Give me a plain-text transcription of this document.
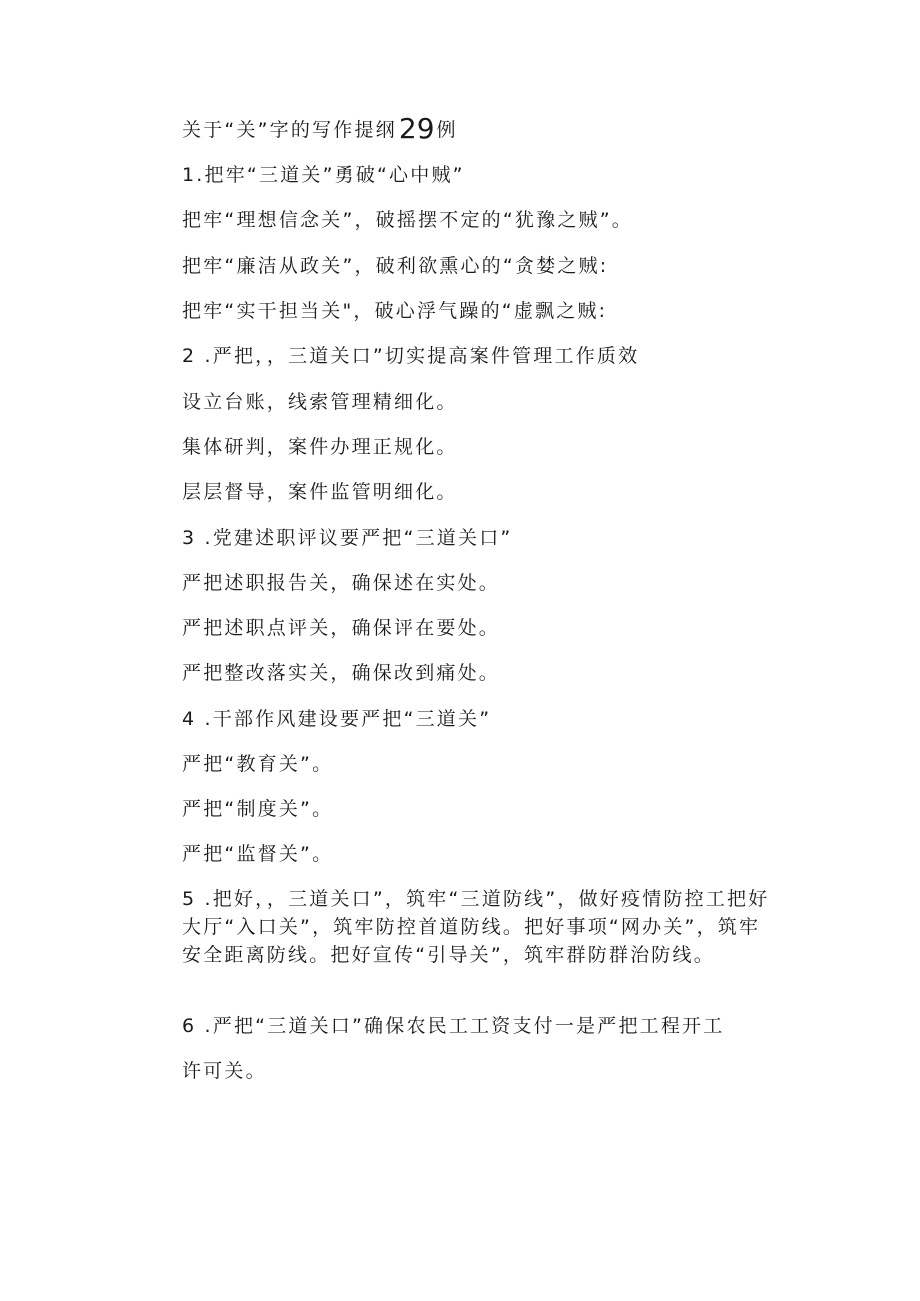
关于“关”字的写作提纲29 例
1.把牢“三道关”勇破“心中贼”
把牢“理想信念关”，破摇摆不定的“犹豫之贼”。
把牢“廉洁从政关”，破利欲熏心的“贪婪之贼:
把牢“实干担当关"，破心浮气躁的“虚飘之贼:
2 .严把，，三道关口”切实提高案件管理工作质效
设立台账，线索管理精细化。
集体研判，案件办理正规化。
层层督导，案件监管明细化。
3 .党建述职评议要严把“三道关口”
严把述职报告关，确保述在实处。
严把述职点评关，确保评在要处。
严把整改落实关，确保改到痛处。
4 .干部作风建设要严把“三道关”
严把“教育关”。
严把“制度关”。
严把“监督关”。
5 .把好，，三道关口”，筑牢“三道防线”，做好疫情防控工把好大厅“入口关”，筑牢防控首道防线。把好事项“网办关”，筑牢安全距离防线。把好宣传“引导关”，筑牢群防群治防线。
6 .严把“三道关口”确保农民工工资支付一是严把工程开工
许可关。
